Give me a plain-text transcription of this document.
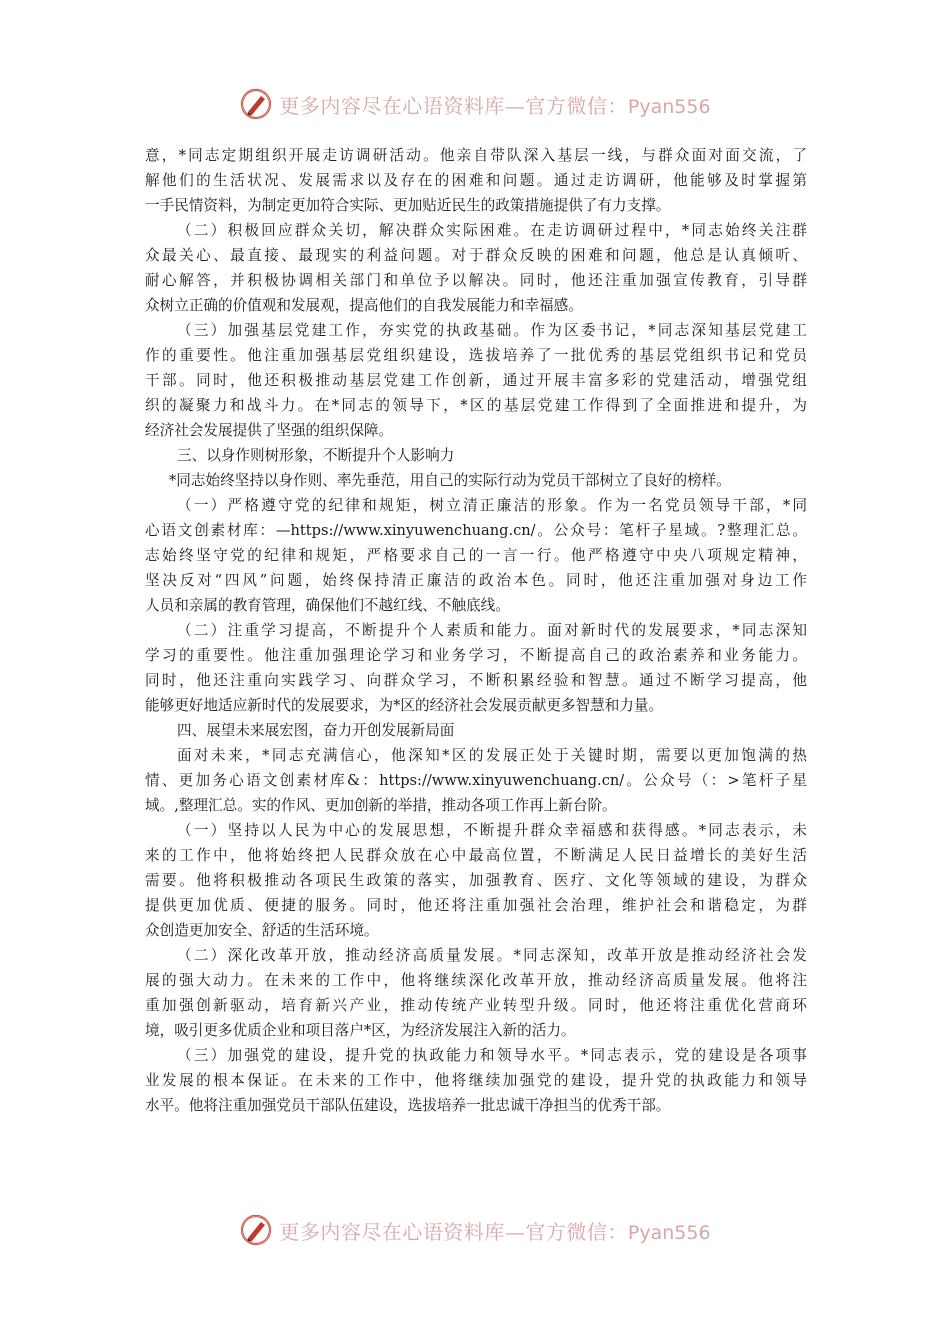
更多内容尽在心语资料库—官方微信：Pyan556
意，*同志定期组织开展走访调研活动。他亲自带队深入基层一线，与群众面对面交流，了
解他们的生活状况、发展需求以及存在的困难和问题。通过走访调研，他能够及时掌握第
一手民情资料，为制定更加符合实际、更加贴近民生的政策措施提供了有力支撑。
（二）积极回应群众关切，解决群众实际困难。在走访调研过程中，*同志始终关注群
众最关心、最直接、最现实的利益问题。对于群众反映的困难和问题，他总是认真倾听、
耐心解答，并积极协调相关部门和单位予以解决。同时，他还注重加强宣传教育，引导群
众树立正确的价值观和发展观，提高他们的自我发展能力和幸福感。
（三）加强基层党建工作，夯实党的执政基础。作为区委书记，*同志深知基层党建工
作的重要性。他注重加强基层党组织建设，选拔培养了一批优秀的基层党组织书记和党员
干部。同时，他还积极推动基层党建工作创新，通过开展丰富多彩的党建活动，增强党组
织的凝聚力和战斗力。在*同志的领导下，*区的基层党建工作得到了全面推进和提升，为
经济社会发展提供了坚强的组织保障。
三、以身作则树形象，不断提升个人影响力
*同志始终坚持以身作则、率先垂范，用自己的实际行动为党员干部树立了良好的榜样。
（一）严格遵守党的纪律和规矩，树立清正廉洁的形象。作为一名党员领导干部，*同
心语文创素材库：—https://www.xinyuwenchuang.cn/。公众号：笔杆子星域。?整理汇总。
志始终坚守党的纪律和规矩，严格要求自己的一言一行。他严格遵守中央八项规定精神，
坚决反对“四风”问题，始终保持清正廉洁的政治本色。同时，他还注重加强对身边工作
人员和亲属的教育管理，确保他们不越红线、不触底线。
（二）注重学习提高，不断提升个人素质和能力。面对新时代的发展要求，*同志深知
学习的重要性。他注重加强理论学习和业务学习，不断提高自己的政治素养和业务能力。
同时，他还注重向实践学习、向群众学习，不断积累经验和智慧。通过不断学习提高，他
能够更好地适应新时代的发展要求，为*区的经济社会发展贡献更多智慧和力量。
四、展望未来展宏图，奋力开创发展新局面
面对未来，*同志充满信心，他深知*区的发展正处于关键时期，需要以更加饱满的热
情、更加务心语文创素材库&：https://www.xinyuwenchuang.cn/。公众号（：>笔杆子星
域。,整理汇总。实的作风、更加创新的举措，推动各项工作再上新台阶。
（一）坚持以人民为中心的发展思想，不断提升群众幸福感和获得感。*同志表示，未
来的工作中，他将始终把人民群众放在心中最高位置，不断满足人民日益增长的美好生活
需要。他将积极推动各项民生政策的落实，加强教育、医疗、文化等领域的建设，为群众
提供更加优质、便捷的服务。同时，他还将注重加强社会治理，维护社会和谐稳定，为群
众创造更加安全、舒适的生活环境。
（二）深化改革开放，推动经济高质量发展。*同志深知，改革开放是推动经济社会发
展的强大动力。在未来的工作中，他将继续深化改革开放，推动经济高质量发展。他将注
重加强创新驱动，培育新兴产业，推动传统产业转型升级。同时，他还将注重优化营商环
境，吸引更多优质企业和项目落户*区，为经济发展注入新的活力。
（三）加强党的建设，提升党的执政能力和领导水平。*同志表示，党的建设是各项事
业发展的根本保证。在未来的工作中，他将继续加强党的建设，提升党的执政能力和领导
水平。他将注重加强党员干部队伍建设，选拔培养一批忠诚干净担当的优秀干部。
更多内容尽在心语资料库—官方微信：Pyan556
